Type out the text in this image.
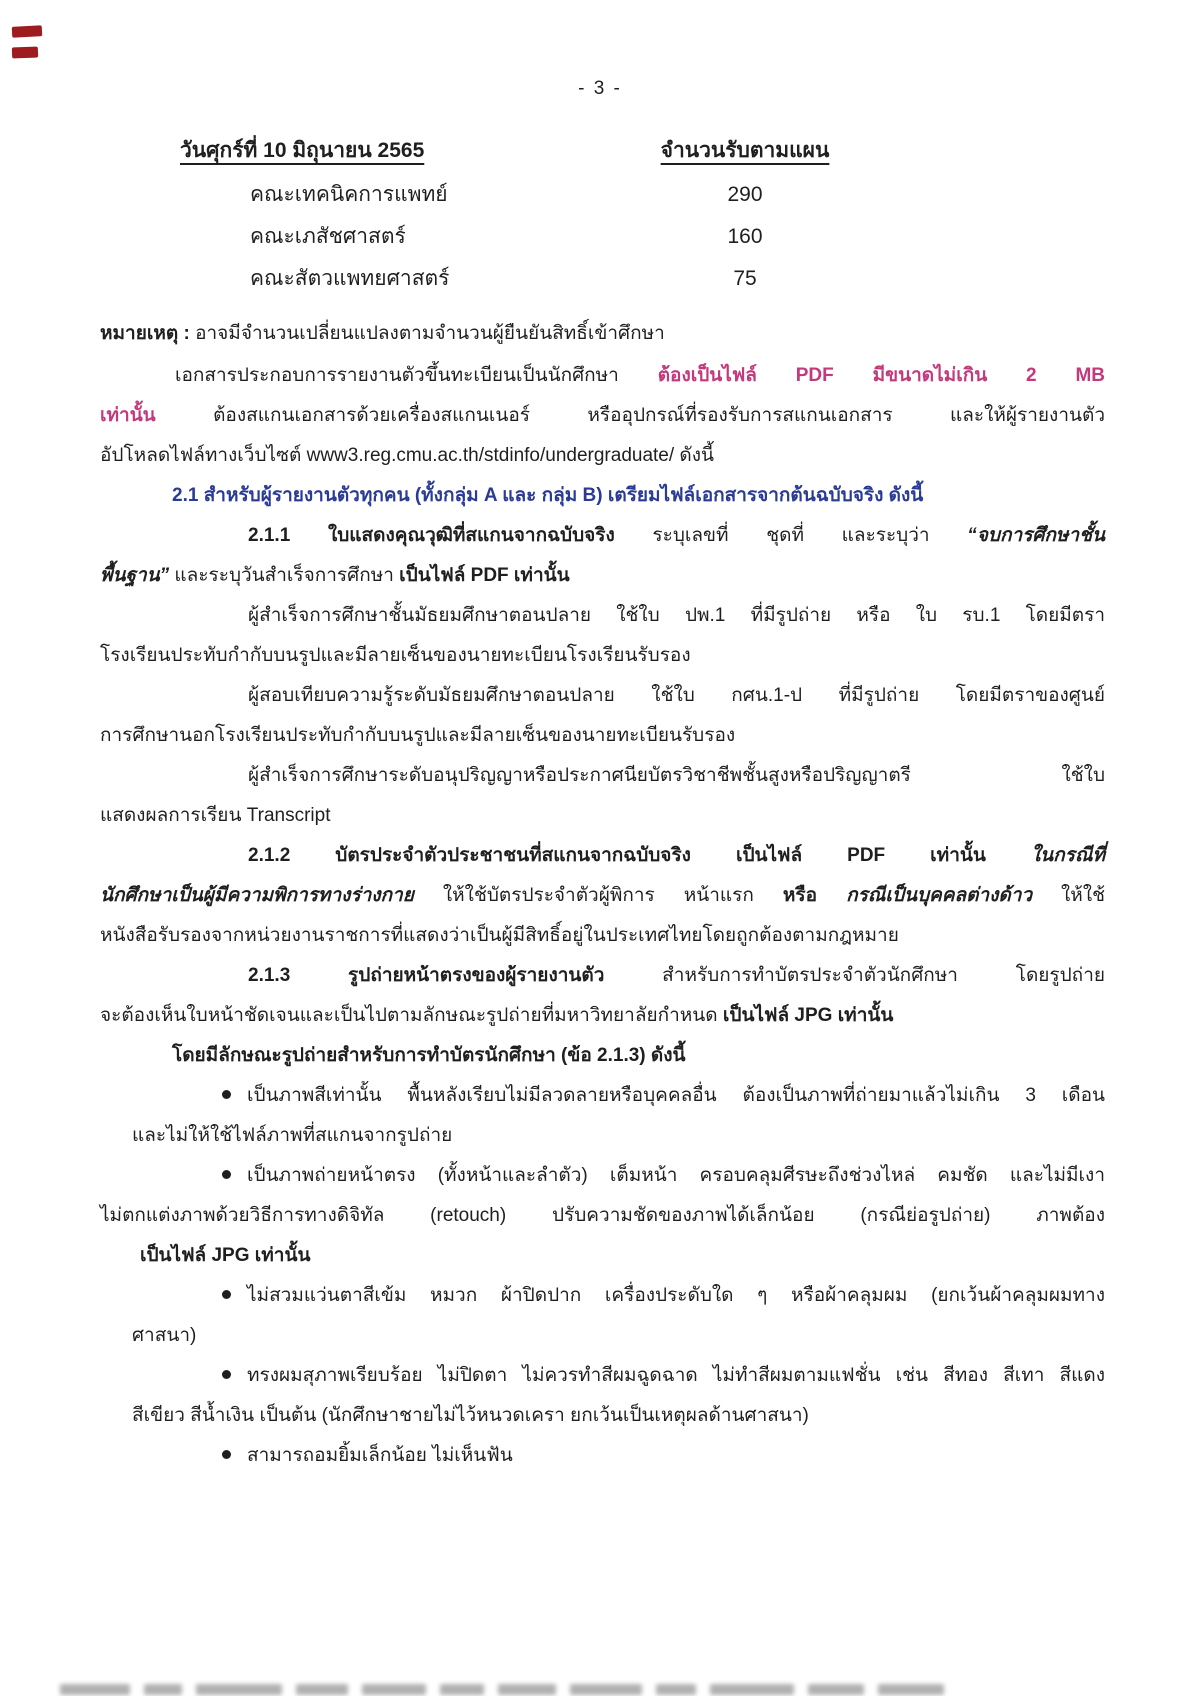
- 3 -
วันศุกร์ที่ 10 มิถุนายน 2565	จำนวนรับตามแผน
คณะเทคนิคการแพทย์	290
คณะเภสัชศาสตร์	160
คณะสัตวแพทยศาสตร์	75
หมายเหตุ : อาจมีจำนวนเปลี่ยนแปลงตามจำนวนผู้ยืนยันสิทธิ์เข้าศึกษา
เอกสารประกอบการรายงานตัวขึ้นทะเบียนเป็นนักศึกษา ต้องเป็นไฟล์ PDF มีขนาดไม่เกิน 2 MB
เท่านั้น ต้องสแกนเอกสารด้วยเครื่องสแกนเนอร์ หรืออุปกรณ์ที่รองรับการสแกนเอกสาร และให้ผู้รายงานตัว
อัปโหลดไฟล์ทางเว็บไซต์ www3.reg.cmu.ac.th/stdinfo/undergraduate/ ดังนี้
2.1 สำหรับผู้รายงานตัวทุกคน (ทั้งกลุ่ม A และ กลุ่ม B) เตรียมไฟล์เอกสารจากต้นฉบับจริง ดังนี้
2.1.1 ใบแสดงคุณวุฒิที่สแกนจากฉบับจริง ระบุเลขที่ ชุดที่ และระบุว่า “จบการศึกษาชั้น
พื้นฐาน” และระบุวันสำเร็จการศึกษา เป็นไฟล์ PDF เท่านั้น
ผู้สำเร็จการศึกษาชั้นมัธยมศึกษาตอนปลาย ใช้ใบ ปพ.1 ที่มีรูปถ่าย หรือ ใบ รบ.1 โดยมีตรา
โรงเรียนประทับกำกับบนรูปและมีลายเซ็นของนายทะเบียนโรงเรียนรับรอง
ผู้สอบเทียบความรู้ระดับมัธยมศึกษาตอนปลาย ใช้ใบ กศน.1-ป ที่มีรูปถ่าย โดยมีตราของศูนย์
การศึกษานอกโรงเรียนประทับกำกับบนรูปและมีลายเซ็นของนายทะเบียนรับรอง
ผู้สำเร็จการศึกษาระดับอนุปริญญาหรือประกาศนียบัตรวิชาชีพชั้นสูงหรือปริญญาตรี ใช้ใบ
แสดงผลการเรียน Transcript
2.1.2 บัตรประจำตัวประชาชนที่สแกนจากฉบับจริง เป็นไฟล์ PDF เท่านั้น ในกรณีที่
นักศึกษาเป็นผู้มีความพิการทางร่างกาย ให้ใช้บัตรประจำตัวผู้พิการ หน้าแรก หรือ กรณีเป็นบุคคลต่างด้าว ให้ใช้
หนังสือรับรองจากหน่วยงานราชการที่แสดงว่าเป็นผู้มีสิทธิ์อยู่ในประเทศไทยโดยถูกต้องตามกฎหมาย
2.1.3 รูปถ่ายหน้าตรงของผู้รายงานตัว สำหรับการทำบัตรประจำตัวนักศึกษา โดยรูปถ่าย
จะต้องเห็นใบหน้าชัดเจนและเป็นไปตามลักษณะรูปถ่ายที่มหาวิทยาลัยกำหนด เป็นไฟล์ JPG เท่านั้น
โดยมีลักษณะรูปถ่ายสำหรับการทำบัตรนักศึกษา (ข้อ 2.1.3) ดังนี้
เป็นภาพสีเท่านั้น พื้นหลังเรียบไม่มีลวดลายหรือบุคคลอื่น ต้องเป็นภาพที่ถ่ายมาแล้วไม่เกิน 3 เดือน
และไม่ให้ใช้ไฟล์ภาพที่สแกนจากรูปถ่าย
เป็นภาพถ่ายหน้าตรง (ทั้งหน้าและลำตัว) เต็มหน้า ครอบคลุมศีรษะถึงช่วงไหล่ คมชัด และไม่มีเงา
ไม่ตกแต่งภาพด้วยวิธีการทางดิจิทัล (retouch) ปรับความชัดของภาพได้เล็กน้อย (กรณีย่อรูปถ่าย) ภาพต้อง
เป็นไฟล์ JPG เท่านั้น
ไม่สวมแว่นตาสีเข้ม หมวก ผ้าปิดปาก เครื่องประดับใด ๆ หรือผ้าคลุมผม (ยกเว้นผ้าคลุมผมทาง
ศาสนา)
ทรงผมสุภาพเรียบร้อย ไม่ปิดตา ไม่ควรทำสีผมฉูดฉาด ไม่ทำสีผมตามแฟชั่น เช่น สีทอง สีเทา สีแดง
สีเขียว สีน้ำเงิน เป็นต้น (นักศึกษาชายไม่ไว้หนวดเครา ยกเว้นเป็นเหตุผลด้านศาสนา)
สามารถอมยิ้มเล็กน้อย ไม่เห็นฟัน
